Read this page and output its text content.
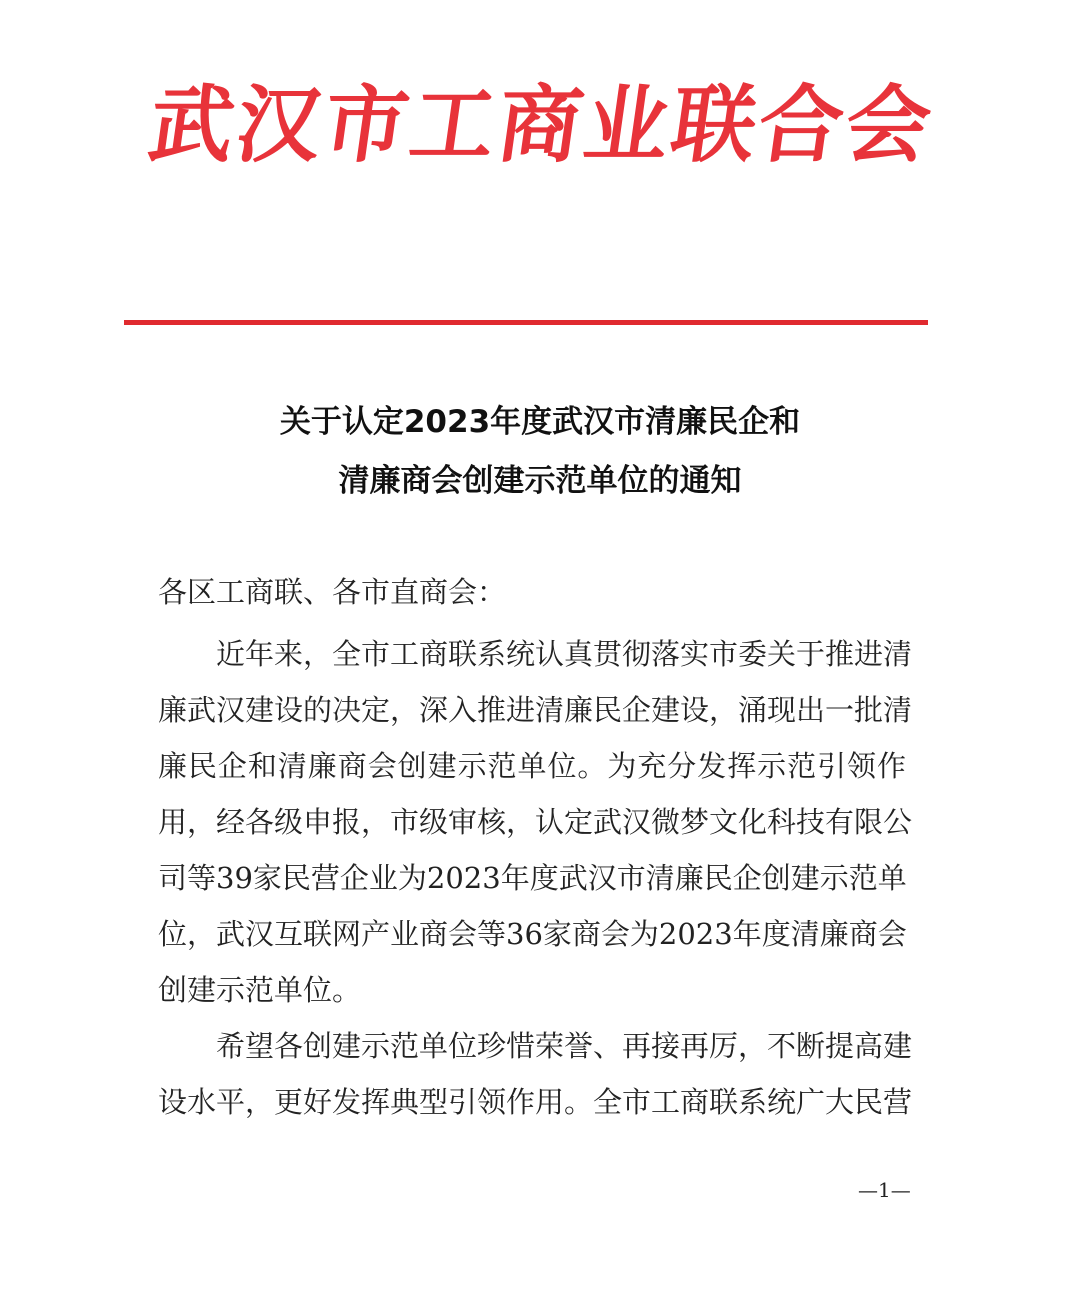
武
汉
市
工
商
业
联
合
会
关于认定2023年度武汉市清廉民企和
清廉商会创建示范单位的通知
各区工商联、各市直商会：
近年来，全市工商联系统认真贯彻落实市委关于推进清
廉武汉建设的决定，深入推进清廉民企建设，涌现出一批清
廉民企和清廉商会创建示范单位。为充分发挥示范引领作
用，经各级申报，市级审核，认定武汉微梦文化科技有限公
司等39家民营企业为2023年度武汉市清廉民企创建示范单
位，武汉互联网产业商会等36家商会为2023年度清廉商会
创建示范单位。
希望各创建示范单位珍惜荣誉、再接再厉，不断提高建
设水平，更好发挥典型引领作用。全市工商联系统广大民营
—1—
